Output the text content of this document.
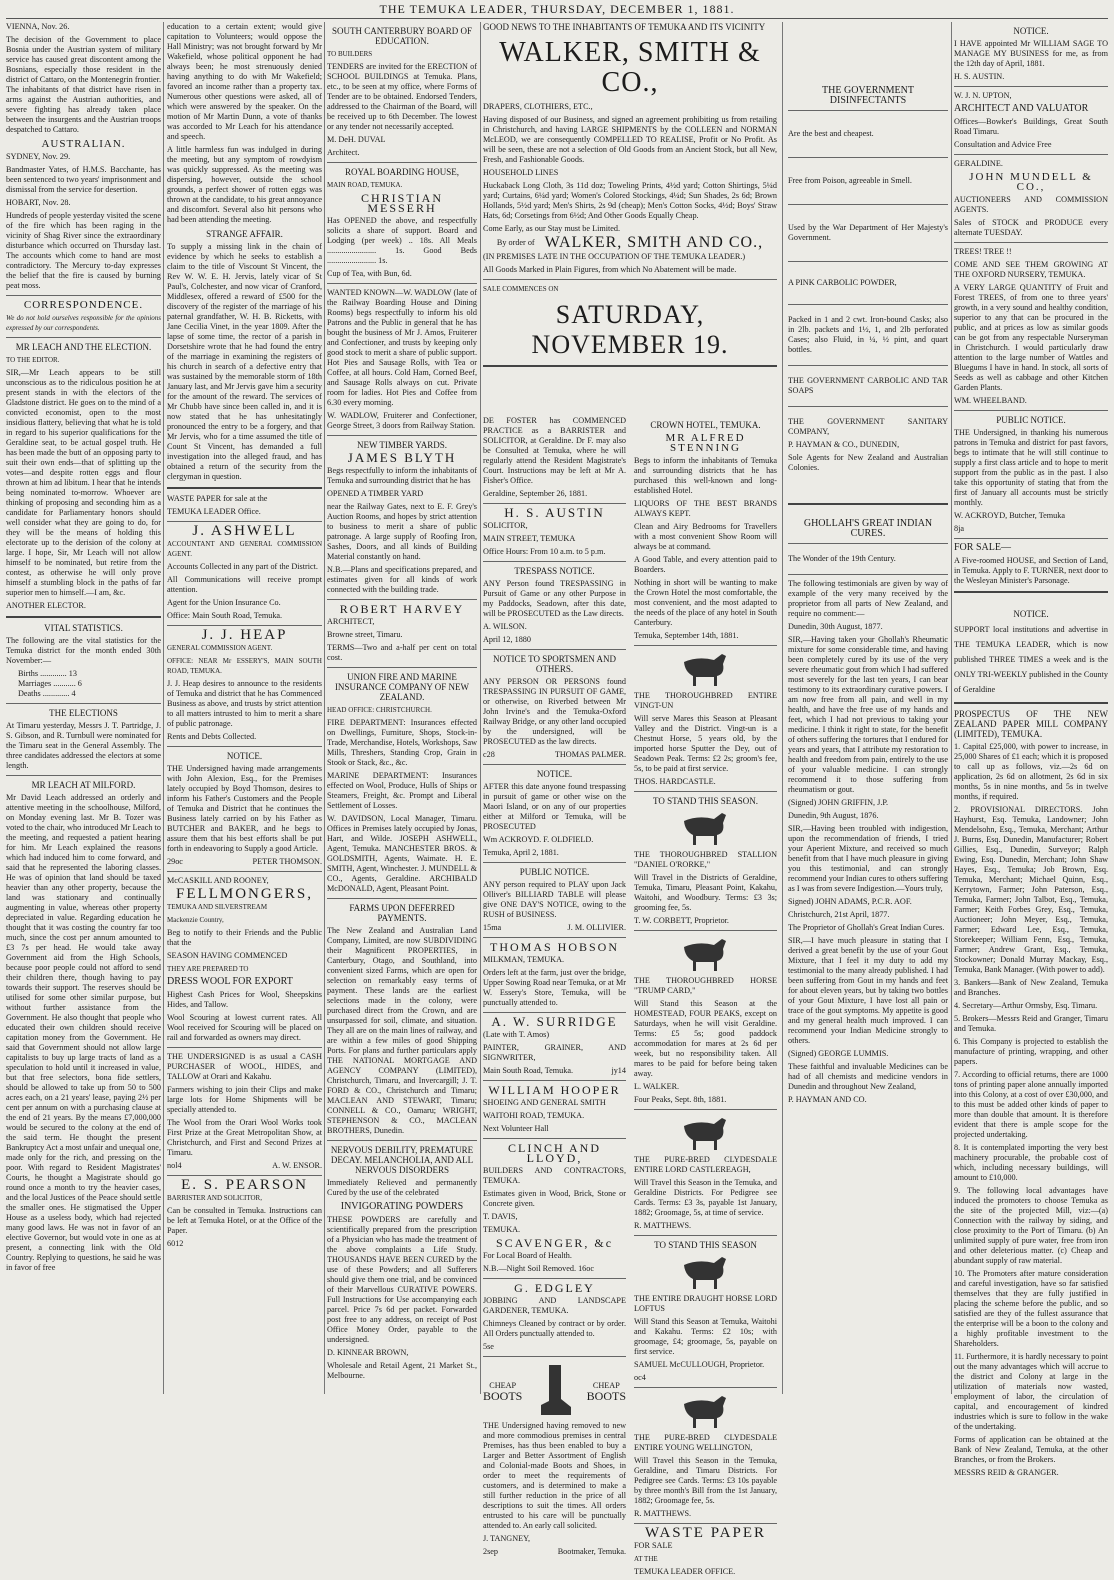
THE TEMUKA LEADER, THURSDAY, DECEMBER 1, 1881.

VIENNA, Nov. 26.

The decision of the Government to place Bosnia under the Austrian system of military service has caused great discontent among the Bosnians, especially those resident in the district of Cattaro, on the Montenegrin frontier. The inhabitants of that district have risen in arms against the Austrian authorities, and severe fighting has already taken place between the insurgents and the Austrian troops despatched to Cattaro.

AUSTRALIAN.

SYDNEY, Nov. 29.

Bandmaster Yates, of H.M.S. Bacchante, has been sentenced to two years' imprisonment and dismissal from the service for desertion.

HOBART, Nov. 28.

Hundreds of people yesterday visited the scene of the fire which has been raging in the vicinity of Shag River since the extraordinary disturbance which occurred on Thursday last. The accounts which come to hand are most contradictory. The Mercury to-day expresses the belief that the fire is caused by burning peat moss.

CORRESPONDENCE.

We do not hold ourselves responsible for the opinions expressed by our correspondents.

MR LEACH AND THE ELECTION.

TO THE EDITOR.

SIR,—Mr Leach appears to be still unconscious as to the ridiculous position he at present stands in with the electors of the Gladstone district. He goes on to the mind of a convicted economist, open to the most insidious flattery, believing that what he is told in regard to his superior qualifications for the Geraldine seat, to be actual gospel truth. He has been made the butt of an opposing party to suit their own ends—that of splitting up the votes—and despite rotten eggs and flour thrown at him ad libitum. I hear that he intends being nominated to-morrow. Whoever are thinking of proposing and seconding him as a candidate for Parliamentary honors should well consider what they are going to do, for they will be the means of holding this electorate up to the derision of the colony at large. I hope, Sir, Mr Leach will not allow himself to be nominated, but retire from the contest, as otherwise he will only prove himself a stumbling block in the paths of far superior men to himself.—I am, &c.

ANOTHER ELECTOR.

VITAL STATISTICS.

The following are the vital statistics for the Temuka district for the month ended 30th November:—

Births ............. 13

Marriages ........... 6

Deaths ............. 4

THE ELECTIONS

At Timaru yesterday, Messrs J. T. Partridge, J. S. Gibson, and R. Turnbull were nominated for the Timaru seat in the General Assembly. The three candidates addressed the electors at some length.

MR LEACH AT MILFORD.

Mr David Leach addressed an orderly and attentive meeting in the schoolhouse, Milford, on Monday evening last. Mr B. Tozer was voted to the chair, who introduced Mr Leach to the meeting, and requested a patient hearing for him. Mr Leach explained the reasons which had induced him to come forward, and said that he represented the laboring classes. He was of opinion that land should be taxed heavier than any other property, because the land was stationary and continually augmenting in value, whereas other property depreciated in value. Regarding education he thought that it was costing the country far too much, since the cost per annum amounted to £3 7s per head. He would take away Government aid from the High Schools, because poor people could not afford to send their children there, though having to pay towards their support. The reserves should be utilised for some other similar purpose, but without further assistance from the Government. He also thought that people who educated their own children should receive capitation money from the Government. He said that Government should not allow large capitalists to buy up large tracts of land as a speculation to hold until it increased in value, but that free selectors, bona fide settlers, should be allowed to take up from 50 to 500 acres each, on a 21 years' lease, paying 2½ per cent per annum on with a purchasing clause at the end of 21 years. By the means £7,000,000 would be secured to the colony at the end of the said term. He thought the present Bankruptcy Act a most unfair and unequal one, made only for the rich, and pressing on the poor. With regard to Resident Magistrates' Courts, he thought a Magistrate should go round once a month to try the heavier cases, and the local Justices of the Peace should settle the smaller ones. He stigmatised the Upper House as a useless body, which had rejected many good laws. He was not in favor of an elective Governor, but would vote in one as at present, a connecting link with the Old Country. Replying to questions, he said he was in favor of free

education to a certain extent; would give capitation to Volunteers; would oppose the Hall Ministry; was not brought forward by Mr Wakefield, whose political opponent he had always been; he most strenuously denied having anything to do with Mr Wakefield; favored an income rather than a property tax. Numerous other questions were asked, all of which were answered by the speaker. On the motion of Mr Martin Dunn, a vote of thanks was accorded to Mr Leach for his attendance and speech.

A little harmless fun was indulged in during the meeting, but any symptom of rowdyism was quickly suppressed. As the meeting was dispersing, however, outside the school grounds, a perfect shower of rotten eggs was thrown at the candidate, to his great annoyance and discomfort. Several also hit persons who had been attending the meeting.

STRANGE AFFAIR.

To supply a missing link in the chain of evidence by which he seeks to establish a claim to the title of Viscount St Vincent, the Rev W. W. E. H. Jervis, lately vicar of St Paul's, Colchester, and now vicar of Cranford, Middlesex, offered a reward of £500 for the discovery of the register of the marriage of his paternal grandfather, W. H. B. Ricketts, with Jane Cecilia Vinet, in the year 1809. After the lapse of some time, the rector of a parish in Dorsetshire wrote that he had found the entry of the marriage in examining the registers of his church in search of a defective entry that was sustained by the memorable storm of 18th January last, and Mr Jervis gave him a security for the amount of the reward. The services of Mr Chubb have since been called in, and it is now stated that he has unhesitatingly pronounced the entry to be a forgery, and that Mr Jervis, who for a time assumed the title of Count St Vincent, has demanded a full investigation into the alleged fraud, and has obtained a return of the security from the clergyman in question.

WASTE PAPER for sale at the

TEMUKA LEADER Office.

J. ASHWELL

ACCOUNTANT AND GENERAL COMMISSION AGENT.

Accounts Collected in any part of the District.

All Communications will receive prompt attention.

Agent for the Union Insurance Co.

Office: Main South Road, Temuka.

J. J. HEAP

GENERAL COMMISSION AGENT.

OFFICE: NEAR Mr ESSERY'S, MAIN SOUTH ROAD, TEMUKA.

J. J. Heap desires to announce to the residents of Temuka and district that he has Commenced Business as above, and trusts by strict attention to all matters intrusted to him to merit a share of public patronage.

Rents and Debts Collected.

NOTICE.

THE Undersigned having made arrangements with John Alexion, Esq., for the Premises lately occupied by Boyd Thomson, desires to inform his Father's Customers and the People of Temuka and District that he continues the Business lately carried on by his Father as BUTCHER and BAKER, and he begs to assure them that his best efforts shall be put forth in endeavoring to Supply a good Article.

29oc	PETER THOMSON.

McCASKILL AND ROONEY,

FELLMONGERS,

TEMUKA AND SILVERSTREAM

Mackenzie Country,

Beg to notify to their Friends and the Public that the

SEASON HAVING COMMENCED

THEY ARE PREPARED TO

DRESS WOOL FOR EXPORT

Highest Cash Prices for Wool, Sheepskins Hides, and Tallow.

Wool Scouring at lowest current rates. All Wool received for Scouring will be placed on rail and forwarded as owners may direct.

THE UNDERSIGNED is as usual a CASH PURCHASER of WOOL, HIDES, and TALLOW at Orari and Kakahu.

Farmers wishing to join their Clips and make large lots for Home Shipments will be specially attended to.

The Wool from the Orari Wool Works took First Prize at the Great Metropolitan Show, at Christchurch, and First and Second Prizes at Timaru.

nol4	A. W. ENSOR.

E. S. PEARSON

BARRISTER AND SOLICITOR,

Can be consulted in Temuka. Instructions can be left at Temuka Hotel, or at the Office of the Paper.

6012

SOUTH CANTERBURY BOARD OF EDUCATION.

TO BUILDERS

TENDERS are invited for the ERECTION of SCHOOL BUILDINGS at Temuka. Plans, etc., to be seen at my office, where Forms of Tender are to be obtained. Endorsed Tenders, addressed to the Chairman of the Board, will be received up to 6th December. The lowest or any tender not necessarily accepted.

M. DeH. DUVAL

Architect.

ROYAL BOARDING HOUSE,

MAIN ROAD, TEMUKA.

CHRISTIAN MESSERH

Has OPENED the above, and respectfully solicits a share of support. Board and Lodging (per week) .. 18s. All Meals ........................ 1s. Good Beds ........................ 1s.

Cup of Tea, with Bun, 6d.

WANTED KNOWN—W. WADLOW (late of the Railway Boarding House and Dining Rooms) begs respectfully to inform his old Patrons and the Public in general that he has bought the business of Mr J. Amos, Fruiterer and Confectioner, and trusts by keeping only good stock to merit a share of public support. Hot Pies and Sausage Rolls, with Tea or Coffee, at all hours. Cold Ham, Corned Beef, and Sausage Rolls always on cut. Private room for ladies. Hot Pies and Coffee from 6.30 every morning.

W. WADLOW, Fruiterer and Confectioner, George Street, 3 doors from Railway Station.

NEW TIMBER YARDS.
JAMES BLYTH

Begs respectfully to inform the inhabitants of Temuka and surrounding district that he has

OPENED A TIMBER YARD

near the Railway Gates, next to E. F. Grey's Auction Rooms, and hopes by strict attention to business to merit a share of public patronage. A large supply of Roofing Iron, Sashes, Doors, and all kinds of Building Material constantly on hand.

N.B.—Plans and specifications prepared, and estimates given for all kinds of work connected with the building trade.

ROBERT HARVEY

ARCHITECT,

Browne street, Timaru.

TERMS—Two and a-half per cent on total cost.

UNION FIRE AND MARINE INSURANCE COMPANY OF NEW ZEALAND.

HEAD OFFICE: CHRISTCHURCH.

FIRE DEPARTMENT: Insurances effected on Dwellings, Furniture, Shops, Stock-in-Trade, Merchandise, Hotels, Workshops, Saw Mills, Threshers, Standing Crop, Grain in Stook or Stack, &c., &c.

MARINE DEPARTMENT: Insurances effected on Wool, Produce, Hulls of Ships or Steamers, Freight, &c. Prompt and Liberal Settlement of Losses.

W. DAVIDSON, Local Manager, Timaru. Offices in Premises lately occupied by Jonas, Hart, and Wilde. JOSEPH ASHWELL, Agent, Temuka. MANCHESTER BROS. & GOLDSMITH, Agents, Waimate. H. E. SMITH, Agent, Winchester. J. MUNDELL & CO., Agents, Geraldine. ARCHIBALD McDONALD, Agent, Pleasant Point.

FARMS UPON DEFERRED PAYMENTS.

The New Zealand and Australian Land Company, Limited, are now SUBDIVIDING their Magnificent PROPERTIES, in Canterbury, Otago, and Southland, into convenient sized Farms, which are open for selection on remarkably easy terms of payment. These lands are the earliest selections made in the colony, were purchased direct from the Crown, and are unsurpassed for soil, climate, and situation. They all are on the main lines of railway, and are within a few miles of good Shipping Ports. For plans and further particulars apply THE NATIONAL MORTGAGE AND AGENCY COMPANY (LIMITED), Christchurch, Timaru, and Invercargill; J. T. FORD & CO., Christchurch and Timaru; MACLEAN AND STEWART, Timaru; CONNELL & CO., Oamaru; WRIGHT, STEPHENSON & CO., MACLEAN BROTHERS, Dunedin.

NERVOUS DEBILITY, PREMATURE DECAY. MELANCHOLIA, AND ALL NERVOUS DISORDERS

Immediately Relieved and permanently Cured by the use of the celebrated

INVIGORATING POWDERS

THESE POWDERS are carefully and scientifically prepared from the prescription of a Physician who has made the treatment of the above complaints a Life Study. THOUSANDS HAVE BEEN CURED by the use of these Powders; and all Sufferers should give them one trial, and be convinced of their Marvellous CURATIVE POWERS. Full Instructions for Use accompanying each parcel. Price 7s 6d per packet. Forwarded post free to any address, on receipt of Post Office Money Order, payable to the undersigned.

D. KINNEAR BROWN,

Wholesale and Retail Agent, 21 Market St., Melbourne.

GOOD NEWS TO THE INHABITANTS OF TEMUKA AND ITS VICINITY

WALKER, SMITH & CO.,

DRAPERS, CLOTHIERS, ETC.,

Having disposed of our Business, and signed an agreement prohibiting us from retailing in Christchurch, and having LARGE SHIPMENTS by the COLLEEN and NORMAN McLEOD, we are consequently COMPELLED TO REALISE, Profit or No Profit. As will be seen, these are not a selection of Old Goods from an Ancient Stock, but all New, Fresh, and Fashionable Goods.

HOUSEHOLD LINES

Huckaback Long Cloth, 3s 11d doz; Toweling Prints, 4½d yard; Cotton Shirtings, 5¼d yard; Curtains, 6¼d yard; Women's Colored Stockings, 4¼d; Sun Shades, 2s 6d; Brown Hollands, 5½d yard; Men's Shirts, 2s 9d (cheap); Men's Cotton Socks, 4½d; Boys' Straw Hats, 6d; Corsetings from 6½d; And Other Goods Equally Cheap.

Come Early, as our Stay must be Limited.

By order of WALKER, SMITH AND CO.,

(IN PREMISES LATE IN THE OCCUPATION OF THE TEMUKA LEADER.)

All Goods Marked in Plain Figures, from which No Abatement will be made.

SALE COMMENCES ON

SATURDAY, NOVEMBER 19.

DE FOSTER has COMMENCED PRACTICE as a BARRISTER and SOLICITOR, at Geraldine. Dr F. may also be Consulted at Temuka, where he will regularly attend the Resident Magistrate's Court. Instructions may be left at Mr A. Fisher's Office.

Geraldine, September 26, 1881.

H. S. AUSTIN

SOLICITOR,

MAIN STREET, TEMUKA

Office Hours: From 10 a.m. to 5 p.m.

TRESPASS NOTICE.

ANY Person found TRESPASSING in Pursuit of Game or any other Purpose in my Paddocks, Seadown, after this date, will be PROSECUTED as the Law directs.

A. WILSON.

April 12, 1880

NOTICE TO SPORTSMEN AND OTHERS.

ANY PERSON OR PERSONS found TRESPASSING IN PURSUIT OF GAME, or otherwise, on Riverbed between Mr John Irvine's and the Temuka-Oxford Railway Bridge, or any other land occupied by the undersigned, will be PROSECUTED as the law directs.

c28	THOMAS PALMER.

NOTICE.

AFTER this date anyone found trespassing in pursuit of game or other wise on the Maori Island, or on any of our properties either at Milford or Temuka, will be PROSECUTED

Wm ACKROYD. F. OLDFIELD.

Temuka, April 2, 1881.

PUBLIC NOTICE.

ANY person required to PLAY upon Jack Olliver's BILLIARD TABLE will please give ONE DAY'S NOTICE, owing to the RUSH of BUSINESS.

15ma	J. M. OLLIVIER.

THOMAS HOBSON

MILKMAN, TEMUKA.

Orders left at the farm, just over the bridge, Upper Sowing Road near Temuka, or at Mr W. Essery's Store, Temuka, will be punctually attended to.

A. W. SURRIDGE

(Late with T. Amos)

PAINTER, GRAINER, AND SIGNWRITER,

Main South Road, Temuka.	jy14

WILLIAM HOOPER

SHOEING AND GENERAL SMITH

WAITOHI ROAD, TEMUKA.

Next Volunteer Hall

CLINCH AND LLOYD,

BUILDERS AND CONTRACTORS, TEMUKA.

Estimates given in Wood, Brick, Stone or Concrete given.

T. DAVIS,

TEMUKA.

SCAVENGER, &c

For Local Board of Health.

N.B.—Night Soil Removed. 16oc

G. EDGLEY

JOBBING AND LANDSCAPE GARDENER, TEMUKA.

Chimneys Cleaned by contract or by order. All Orders punctually attended to.

5se

CHEAP
BOOTS
CHEAP
BOOTS

THE Undersigned having removed to new and more commodious premises in central Premises, has thus been enabled to buy a Larger and Better Assortment of English and Colonial-made Boots and Shoes, in order to meet the requirements of customers, and is determined to make a still further reduction in the price of all descriptions to suit the times. All orders entrusted to his care will be punctually attended to. An early call solicited.

J. TANGNEY,

2sep	Bootmaker, Temuka.

CROWN HOTEL, TEMUKA.
MR ALFRED STENNING

Begs to inform the inhabitants of Temuka and surrounding districts that he has purchased this well-known and long-established Hotel.

LIQUORS OF THE BEST BRANDS ALWAYS KEPT.

Clean and Airy Bedrooms for Travellers with a most convenient Show Room will always be at command.

A Good Table, and every attention paid to Boarders.

Nothing in short will be wanting to make the Crown Hotel the most comfortable, the most convenient, and the most adapted to the needs of the place of any hotel in South Canterbury.

Temuka, September 14th, 1881.

THE THOROUGHBRED ENTIRE VINGT-UN

Will serve Mares this Season at Pleasant Valley and the District. Vingt-un is a Chestnut Horse, 5 years old, by the imported horse Sputter the Dey, out of Seadown Peak. Terms: £2 2s; groom's fee, 5s, to be paid at first service.

THOS. HARDCASTLE.

TO STAND THIS SEASON.

THE THOROUGHBRED STALLION "DANIEL O'RORKE,"

Will Travel in the Districts of Geraldine, Temuka, Timaru, Pleasant Point, Kakahu, Waitohi, and Woodbury. Terms: £3 3s; grooming fee, 5s.

T. W. CORBETT, Proprietor.

THE THOROUGHBRED HORSE "TRUMP CARD,"

Will Stand this Season at the HOMESTEAD, FOUR PEAKS, except on Saturdays, when he will visit Geraldine. Terms: £5 5s; good paddock accommodation for mares at 2s 6d per week, but no responsibility taken. All mares to be paid for before being taken away.

L. WALKER.

Four Peaks, Sept. 8th, 1881.

THE PURE-BRED CLYDESDALE ENTIRE LORD CASTLEREAGH,

Will Travel this Season in the Temuka, and Geraldine Districts. For Pedigree see Cards. Terms: £3 3s, payable 1st January, 1882; Groomage, 5s, at time of service.

R. MATTHEWS.

TO STAND THIS SEASON

THE ENTIRE DRAUGHT HORSE LORD LOFTUS

Will Stand this Season at Temuka, Waitohi and Kakahu. Terms: £2 10s; with groomage, £4; groomage, 5s, payable on first service.

SAMUEL McCULLOUGH, Proprietor.

oc4

THE PURE-BRED CLYDESDALE ENTIRE YOUNG WELLINGTON,

Will Travel this Season in the Temuka, Geraldine, and Timaru Districts. For Pedigree see Cards. Terms: £3 10s payable by three month's Bill from the 1st January, 1882; Groomage fee, 5s.

R. MATTHEWS.

WASTE PAPER

FOR SALE

AT THE

TEMUKA LEADER OFFICE.

THE GOVERNMENT DISINFECTANTS

Are the best and cheapest.

Free from Poison, agreeable in Smell.

Used by the War Department of Her Majesty's Government.

A PINK CARBOLIC POWDER,

Packed in 1 and 2 cwt. Iron-bound Casks; also in 2lb. packets and 1½, 1, and 2lb perforated Cases; also Fluid, in ¼, ½ pint, and quart bottles.

THE GOVERNMENT CARBOLIC AND TAR SOAPS

THE GOVERNMENT SANITARY COMPANY,

P. HAYMAN & CO., DUNEDIN,

Sole Agents for New Zealand and Australian Colonies.

GHOLLAH'S GREAT INDIAN CURES.

The Wonder of the 19th Century.

The following testimonials are given by way of example of the very many received by the proprietor from all parts of New Zealand, and require no comment:—

Dunedin, 30th August, 1877.

SIR,—Having taken your Ghollah's Rheumatic mixture for some considerable time, and having been completely cured by its use of the very severe rheumatic gout from which I had suffered most severely for the last ten years, I can bear testimony to its extraordinary curative powers. I am now free from all pain, and well in my health, and have the free use of my hands and feet, which I had not previous to taking your medicine. I think it right to state, for the benefit of others suffering the tortures that I endured for years and years, that I attribute my restoration to health and freedom from pain, entirely to the use of your valuable medicine. I can strongly recommend it to those suffering from rheumatism or gout.

(Signed) JOHN GRIFFIN, J.P.

Dunedin, 9th August, 1876.

SIR,—Having been troubled with indigestion, upon the recommendation of friends, I tried your Aperient Mixture, and received so much benefit from that I have much pleasure in giving you this testimonial, and can strongly recommend your Indian cures to others suffering as I was from severe Indigestion.—Yours truly,

Signed) JOHN ADAMS, P.C.R. AOF.

Christchurch, 21st April, 1877.

The Proprietor of Ghollah's Great Indian Cures.

SIR,—I have much pleasure in stating that I derived a great benefit by the use of your Gout Mixture, that I feel it my duty to add my testimonial to the many already published. I had been suffering from Gout in my hands and feet for about eleven years, but by taking two bottles of your Gout Mixture, I have lost all pain or trace of the gout symptoms. My appetite is good and my general health much improved. I can recommend your Indian Medicine strongly to others.

(Signed) GEORGE LUMMIS.

These faithful and invaluable Medicines can be had of all chemists and medicine vendors in Dunedin and throughout New Zealand,

P. HAYMAN AND CO.

NOTICE.

I HAVE appointed Mr WILLIAM SAGE TO MANAGE MY BUSINESS for me, as from the 12th day of April, 1881.

H. S. AUSTIN.

W. J. N. UPTON,

ARCHITECT AND VALUATOR

Offices—Bowker's Buildings, Great South Road Timaru.

Consultation and Advice Free

GERALDINE.

JOHN MUNDELL & CO.,

AUCTIONEERS AND COMMISSION AGENTS.

Sales of STOCK and PRODUCE every alternate TUESDAY.

TREES! TREE !!

COME AND SEE THEM GROWING AT THE OXFORD NURSERY, TEMUKA.

A VERY LARGE QUANTITY of Fruit and Forest TREES, of from one to three years' growth, in a very sound and healthy condition, superior to any that can be procured in the public, and at prices as low as similar goods can be got from any respectable Nurseryman in Christchurch. I would particularly draw attention to the large number of Wattles and Bluegums I have in hand. In stock, all sorts of Seeds as well as cabbage and other Kitchen Garden Plants.

WM. WHEELBAND.

PUBLIC NOTICE.

THE Undersigned, in thanking his numerous patrons in Temuka and district for past favors, begs to intimate that he will still continue to supply a first class article and to hope to merit support from the public as in the past. I also take this opportunity of stating that from the first of January all accounts must be strictly monthly.

W. ACKROYD, Butcher, Temuka

8ja

FOR SALE—

A Five-roomed HOUSE, and Section of Land, in Temuka. Apply to F. TURNER, next door to the Wesleyan Minister's Parsonage.

NOTICE.

SUPPORT local institutions and advertise in THE TEMUKA LEADER, which is now published THREE TIMES a week and is the ONLY TRI-WEEKLY published in the County of Geraldine

PROSPECTUS OF THE NEW ZEALAND PAPER MILL COMPANY (LIMITED), TEMUKA.

1. Capital £25,000, with power to increase, in 25,000 Shares of £1 each; which it is proposed to call up as follows, viz.—2s 6d on application, 2s 6d on allotment, 2s 6d in six months, 5s in nine months, and 5s in twelve months, if required.

2. PROVISIONAL DIRECTORS. John Hayhurst, Esq. Temuka, Landowner; John Mendelsohn, Esq., Temuka, Merchant; Arthur J. Burns, Esq. Dunedin, Manufacturer; Robert Gillies, Esq., Dunedin, Surveyor; Ralph Ewing, Esq. Dunedin, Merchant; John Shaw Hayes, Esq., Temuka; Job Brown, Esq. Temuka, Merchant; Michael Quinn, Esq., Kerrytown, Farmer; John Paterson, Esq., Temuka, Farmer; John Talbot, Esq., Temuka, Farmer; Keith Forbes Grey, Esq., Temuka, Auctioneer; John Meyer, Esq., Temuka, Farmer; Edward Lee, Esq., Temuka, Storekeeper; William Fenn, Esq., Temuka, Farmer; Andrew Grant, Esq., Temuka, Stockowner; Donald Murray Mackay, Esq., Temuka, Bank Manager. (With power to add).

3. Bankers—Bank of New Zealand, Temuka and Branches.

4. Secretary—Arthur Ormsby, Esq. Timaru.

5. Brokers—Messrs Reid and Granger, Timaru and Temuka.

6. This Company is projected to establish the manufacture of printing, wrapping, and other papers.

7. According to official returns, there are 1000 tons of printing paper alone annually imported into this Colony, at a cost of over £30,000, and to this must be added other kinds of paper to more than double that amount. It is therefore evident that there is ample scope for the projected undertaking.

8. It is contemplated importing the very best machinery procurable, the probable cost of which, including necessary buildings, will amount to £10,000.

9. The following local advantages have induced the promoters to choose Temuka as the site of the projected Mill, viz:—(a) Connection with the railway by siding, and close proximity to the Port of Timaru. (b) An unlimited supply of pure water, free from iron and other deleterious matter. (c) Cheap and abundant supply of raw material.

10. The Promoters after mature consideration and careful investigation, have so far satisfied themselves that they are fully justified in placing the scheme before the public, and so satisfied are they of the fullest assurance that the enterprise will be a boon to the colony and a highly profitable investment to the Shareholders.

11. Furthermore, it is hardly necessary to point out the many advantages which will accrue to the district and Colony at large in the utilization of materials now wasted, employment of labor, the circulation of capital, and encouragement of kindred industries which is sure to follow in the wake of the undertaking.

Forms of application can be obtained at the Bank of New Zealand, Temuka, at the other Branches, or from the Brokers.

MESSRS REID & GRANGER.
